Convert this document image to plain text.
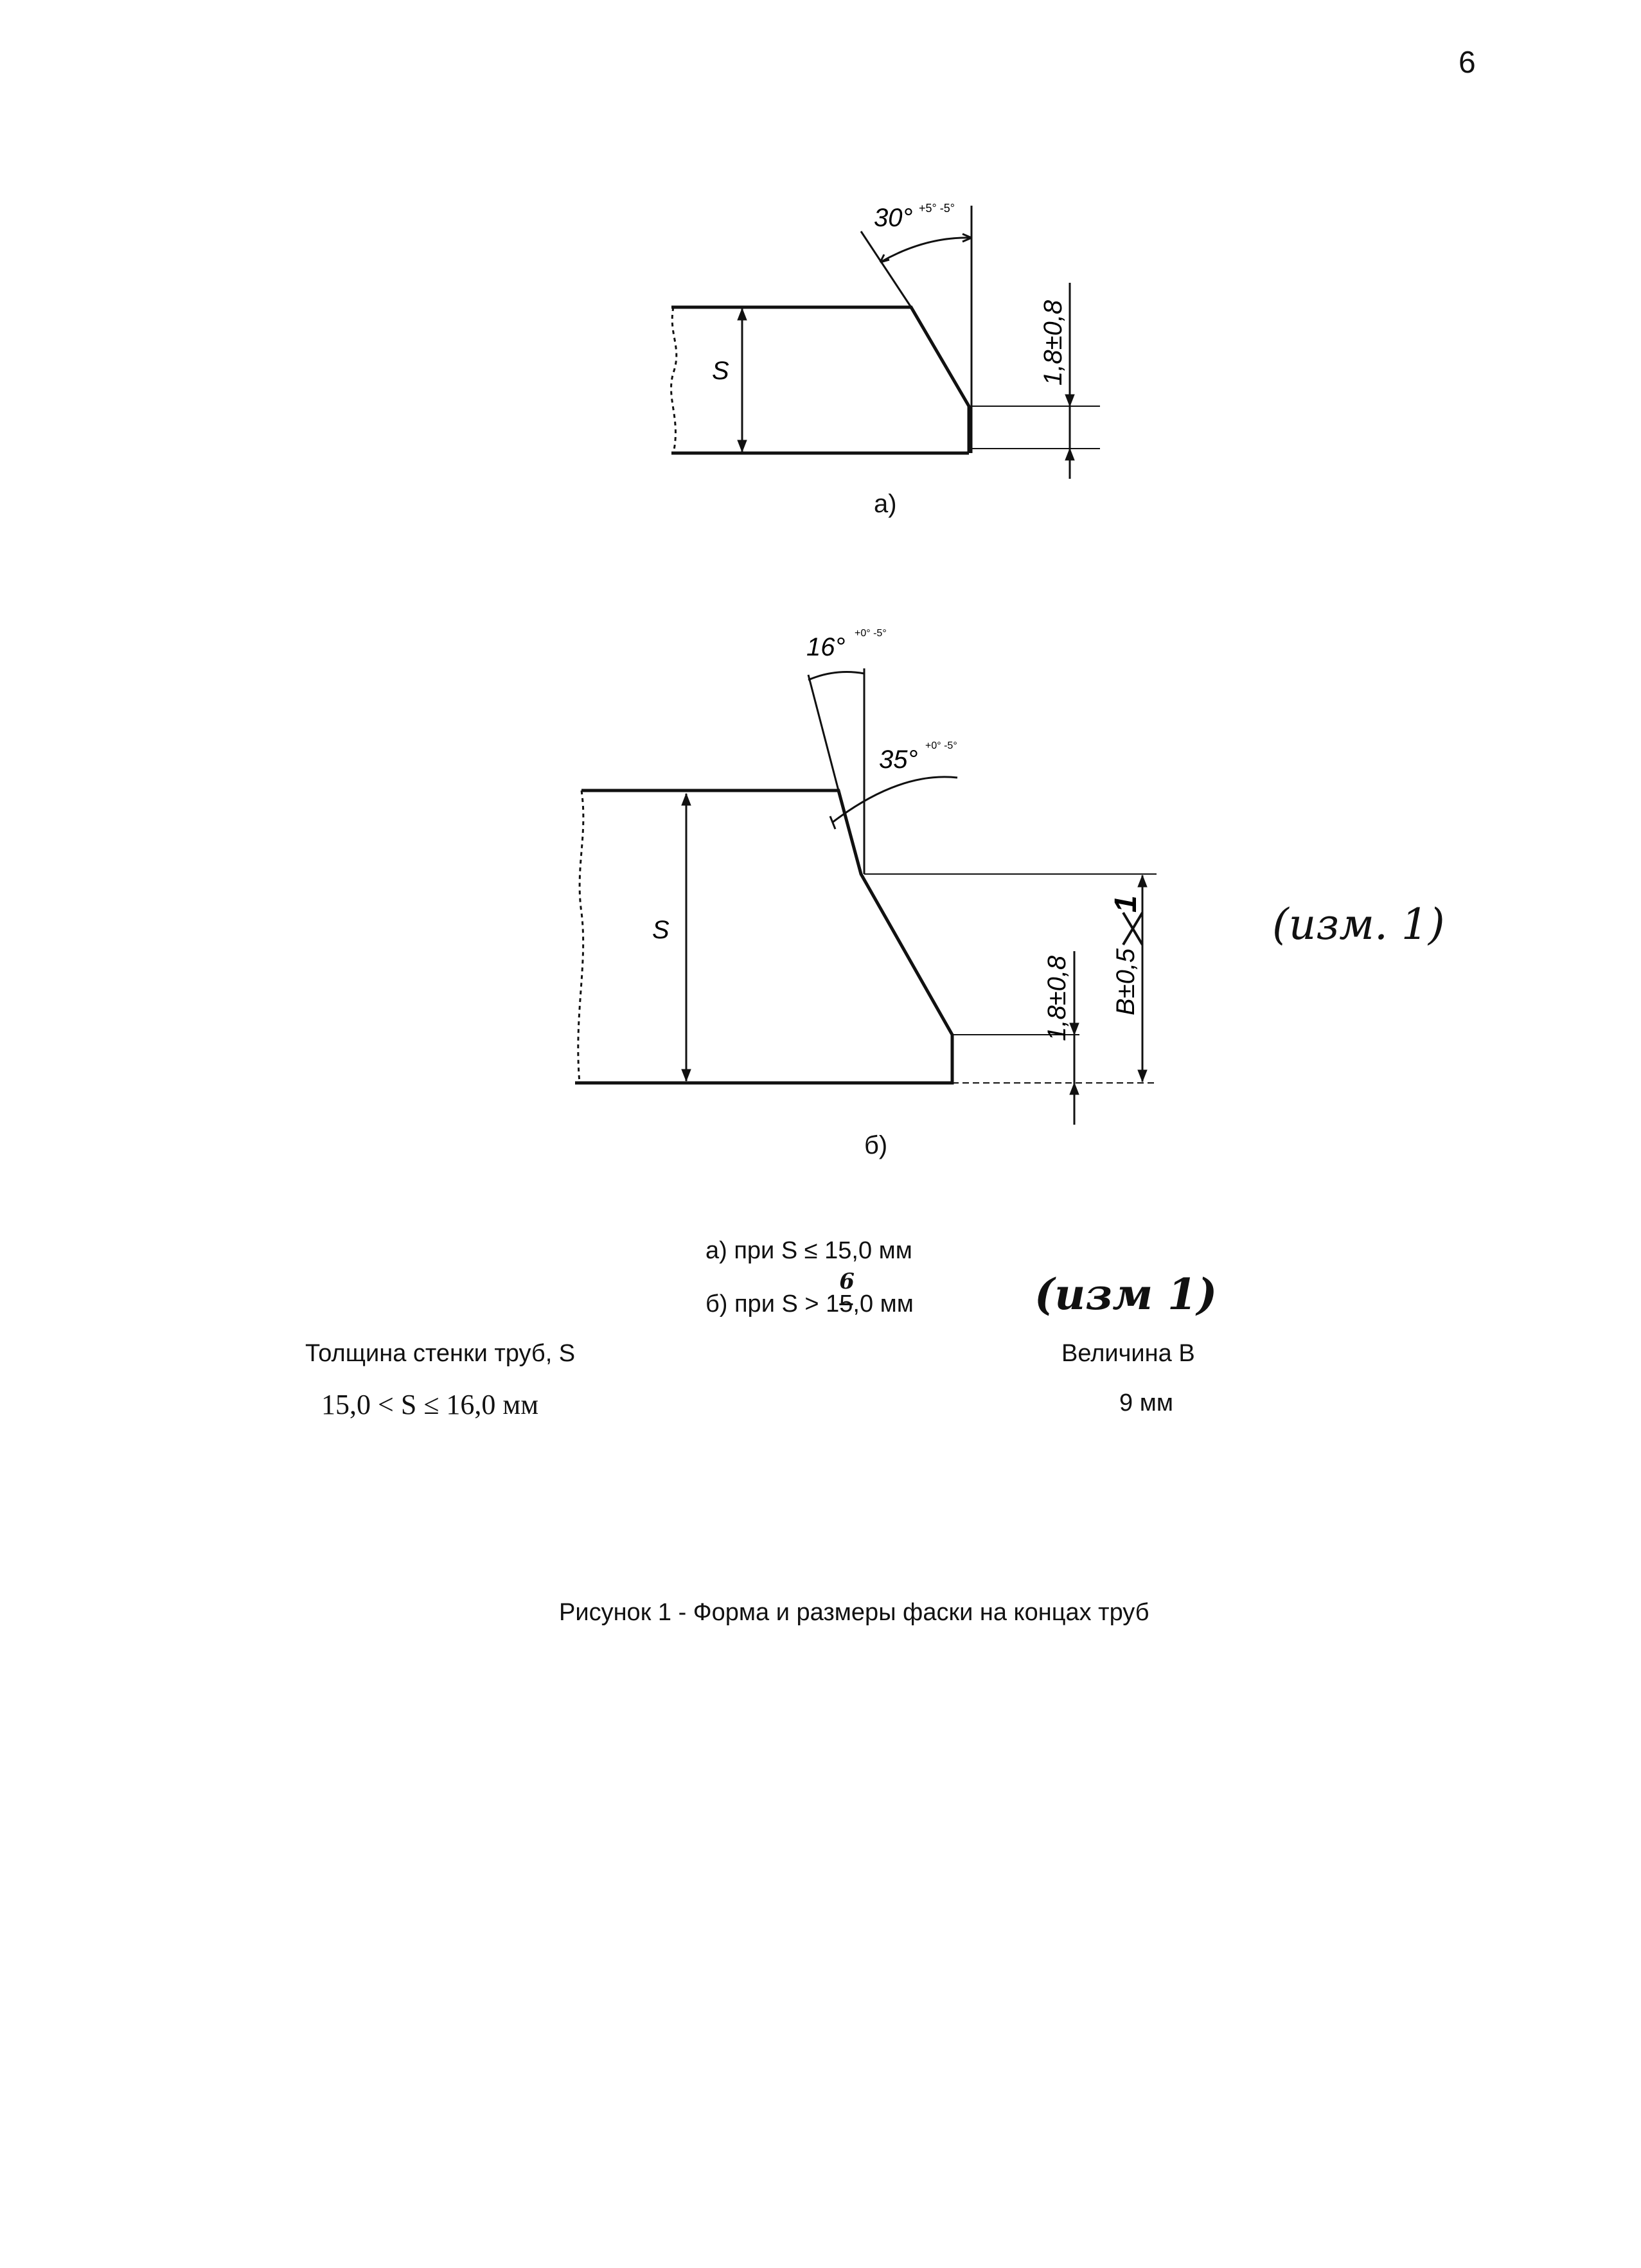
6
S
30° +5° -5°
1,8±0,8
а)
S
16° +0° -5°
35° +0° -5°
1,8±0,8 B±0,5
1
б)
(изм. 1)
(изм 1)
а) при S ≤ 15,0 мм
б) при S > 15
6
,0 мм
Толщина стенки труб, S	Величина В
15,0 < S ≤ 16,0 мм	9 мм
Рисунок 1 - Форма и размеры фаски на концах труб
